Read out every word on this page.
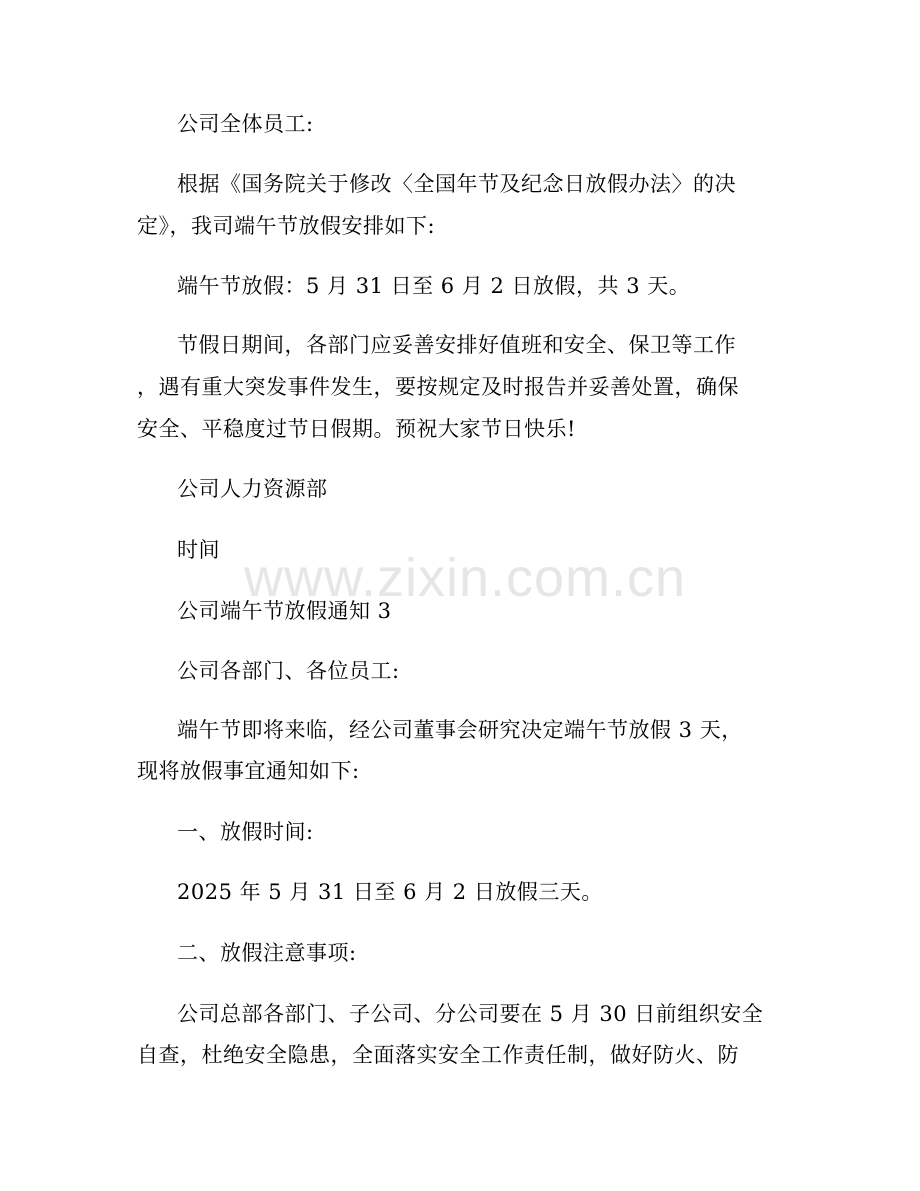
www.zixin.com.cn
公司全体员工:
根据《国务院关于修改〈全国年节及纪念日放假办法〉的决
定》，我司端午节放假安排如下:
端午节放假：5 月 31 日至 6 月 2 日放假，共 3 天。
节假日期间，各部门应妥善安排好值班和安全、保卫等工作
，遇有重大突发事件发生，要按规定及时报告并妥善处置，确保
安全、平稳度过节日假期。预祝大家节日快乐!
公司人力资源部
时间
公司端午节放假通知 3
公司各部门、各位员工:
端午节即将来临，经公司董事会研究决定端午节放假 3 天，
现将放假事宜通知如下:
一、放假时间:
2025 年 5 月 31 日至 6 月 2 日放假三天。
二、放假注意事项:
公司总部各部门、子公司、分公司要在 5 月 30 日前组织安全
自查，杜绝安全隐患，全面落实安全工作责任制，做好防火、防
